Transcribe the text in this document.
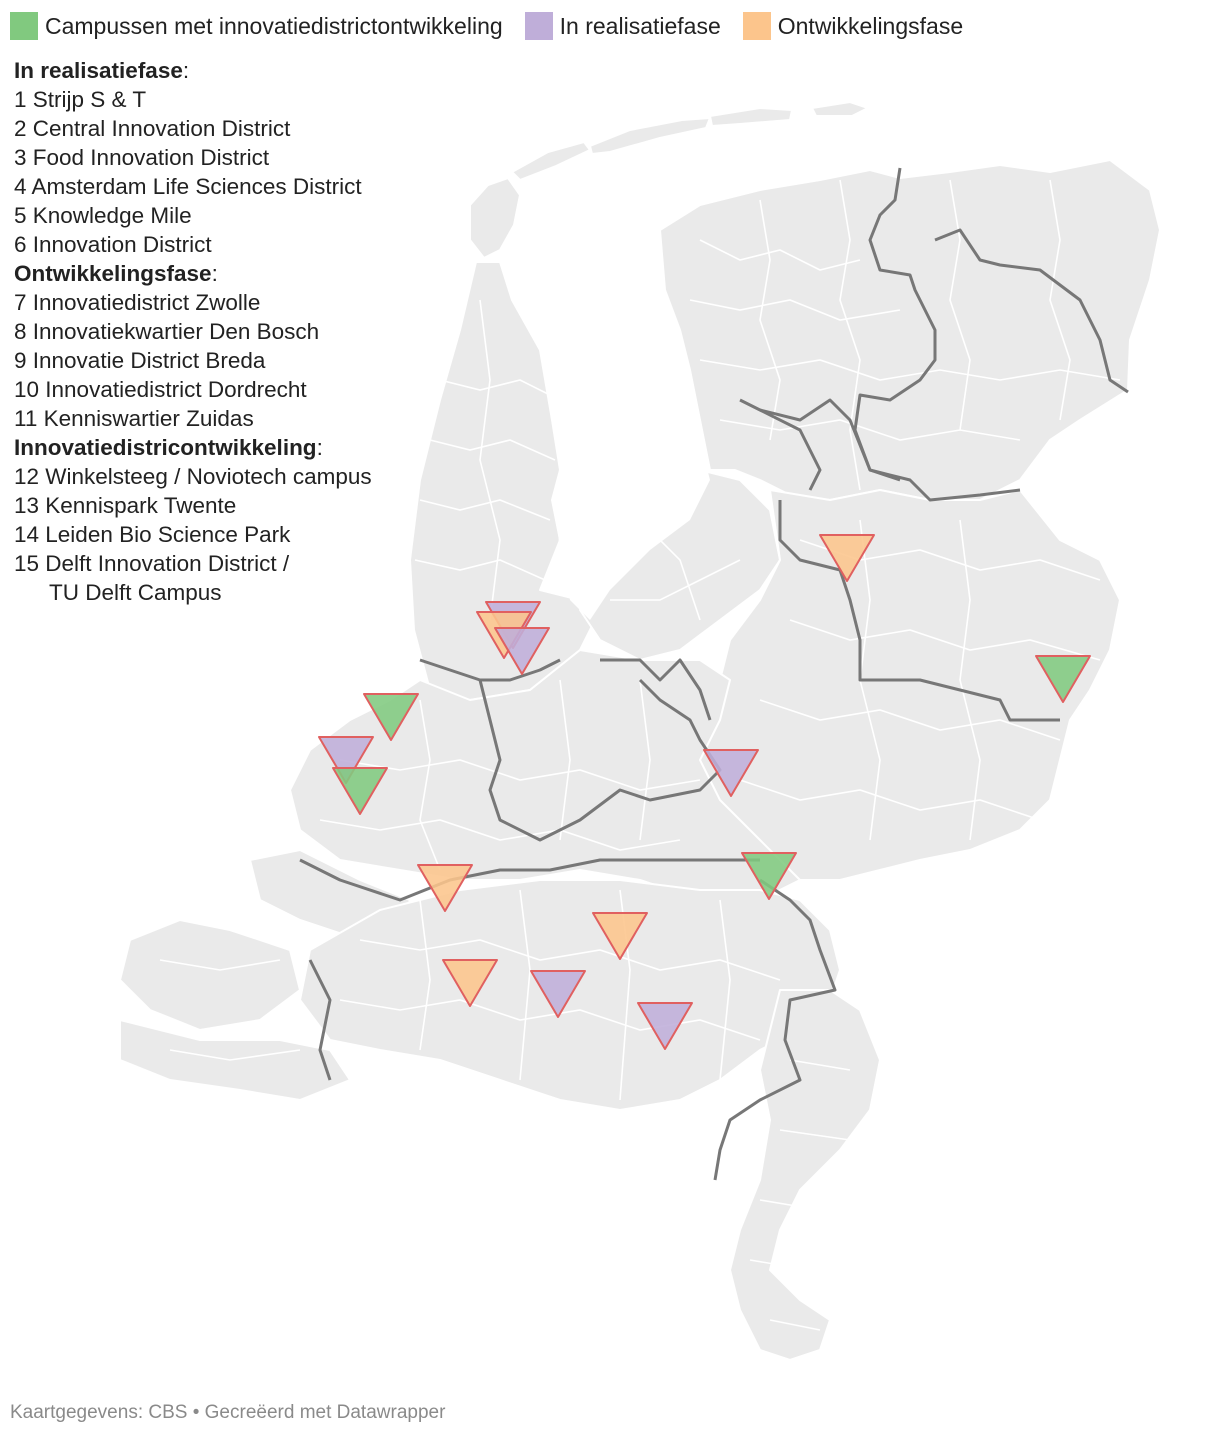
Campussen met innovatiedistrictontwikkeling In realisatiefase Ontwikkelingsfase
In realisatiefase:
1 Strijp S & T
2 Central Innovation District
3 Food Innovation District
4 Amsterdam Life Sciences District
5 Knowledge Mile
6 Innovation District
Ontwikkelingsfase:
7 Innovatiedistrict Zwolle
8 Innovatiekwartier Den Bosch
9 Innovatie District Breda
10 Innovatiedistrict Dordrecht
11 Kenniswartier Zuidas
Innovatiedistricontwikkeling:
12 Winkelsteeg / Noviotech campus
13 Kennispark Twente
14 Leiden Bio Science Park
15 Delft Innovation District /
TU Delft Campus
Kaartgegevens: CBS • Gecreëerd met Datawrapper
